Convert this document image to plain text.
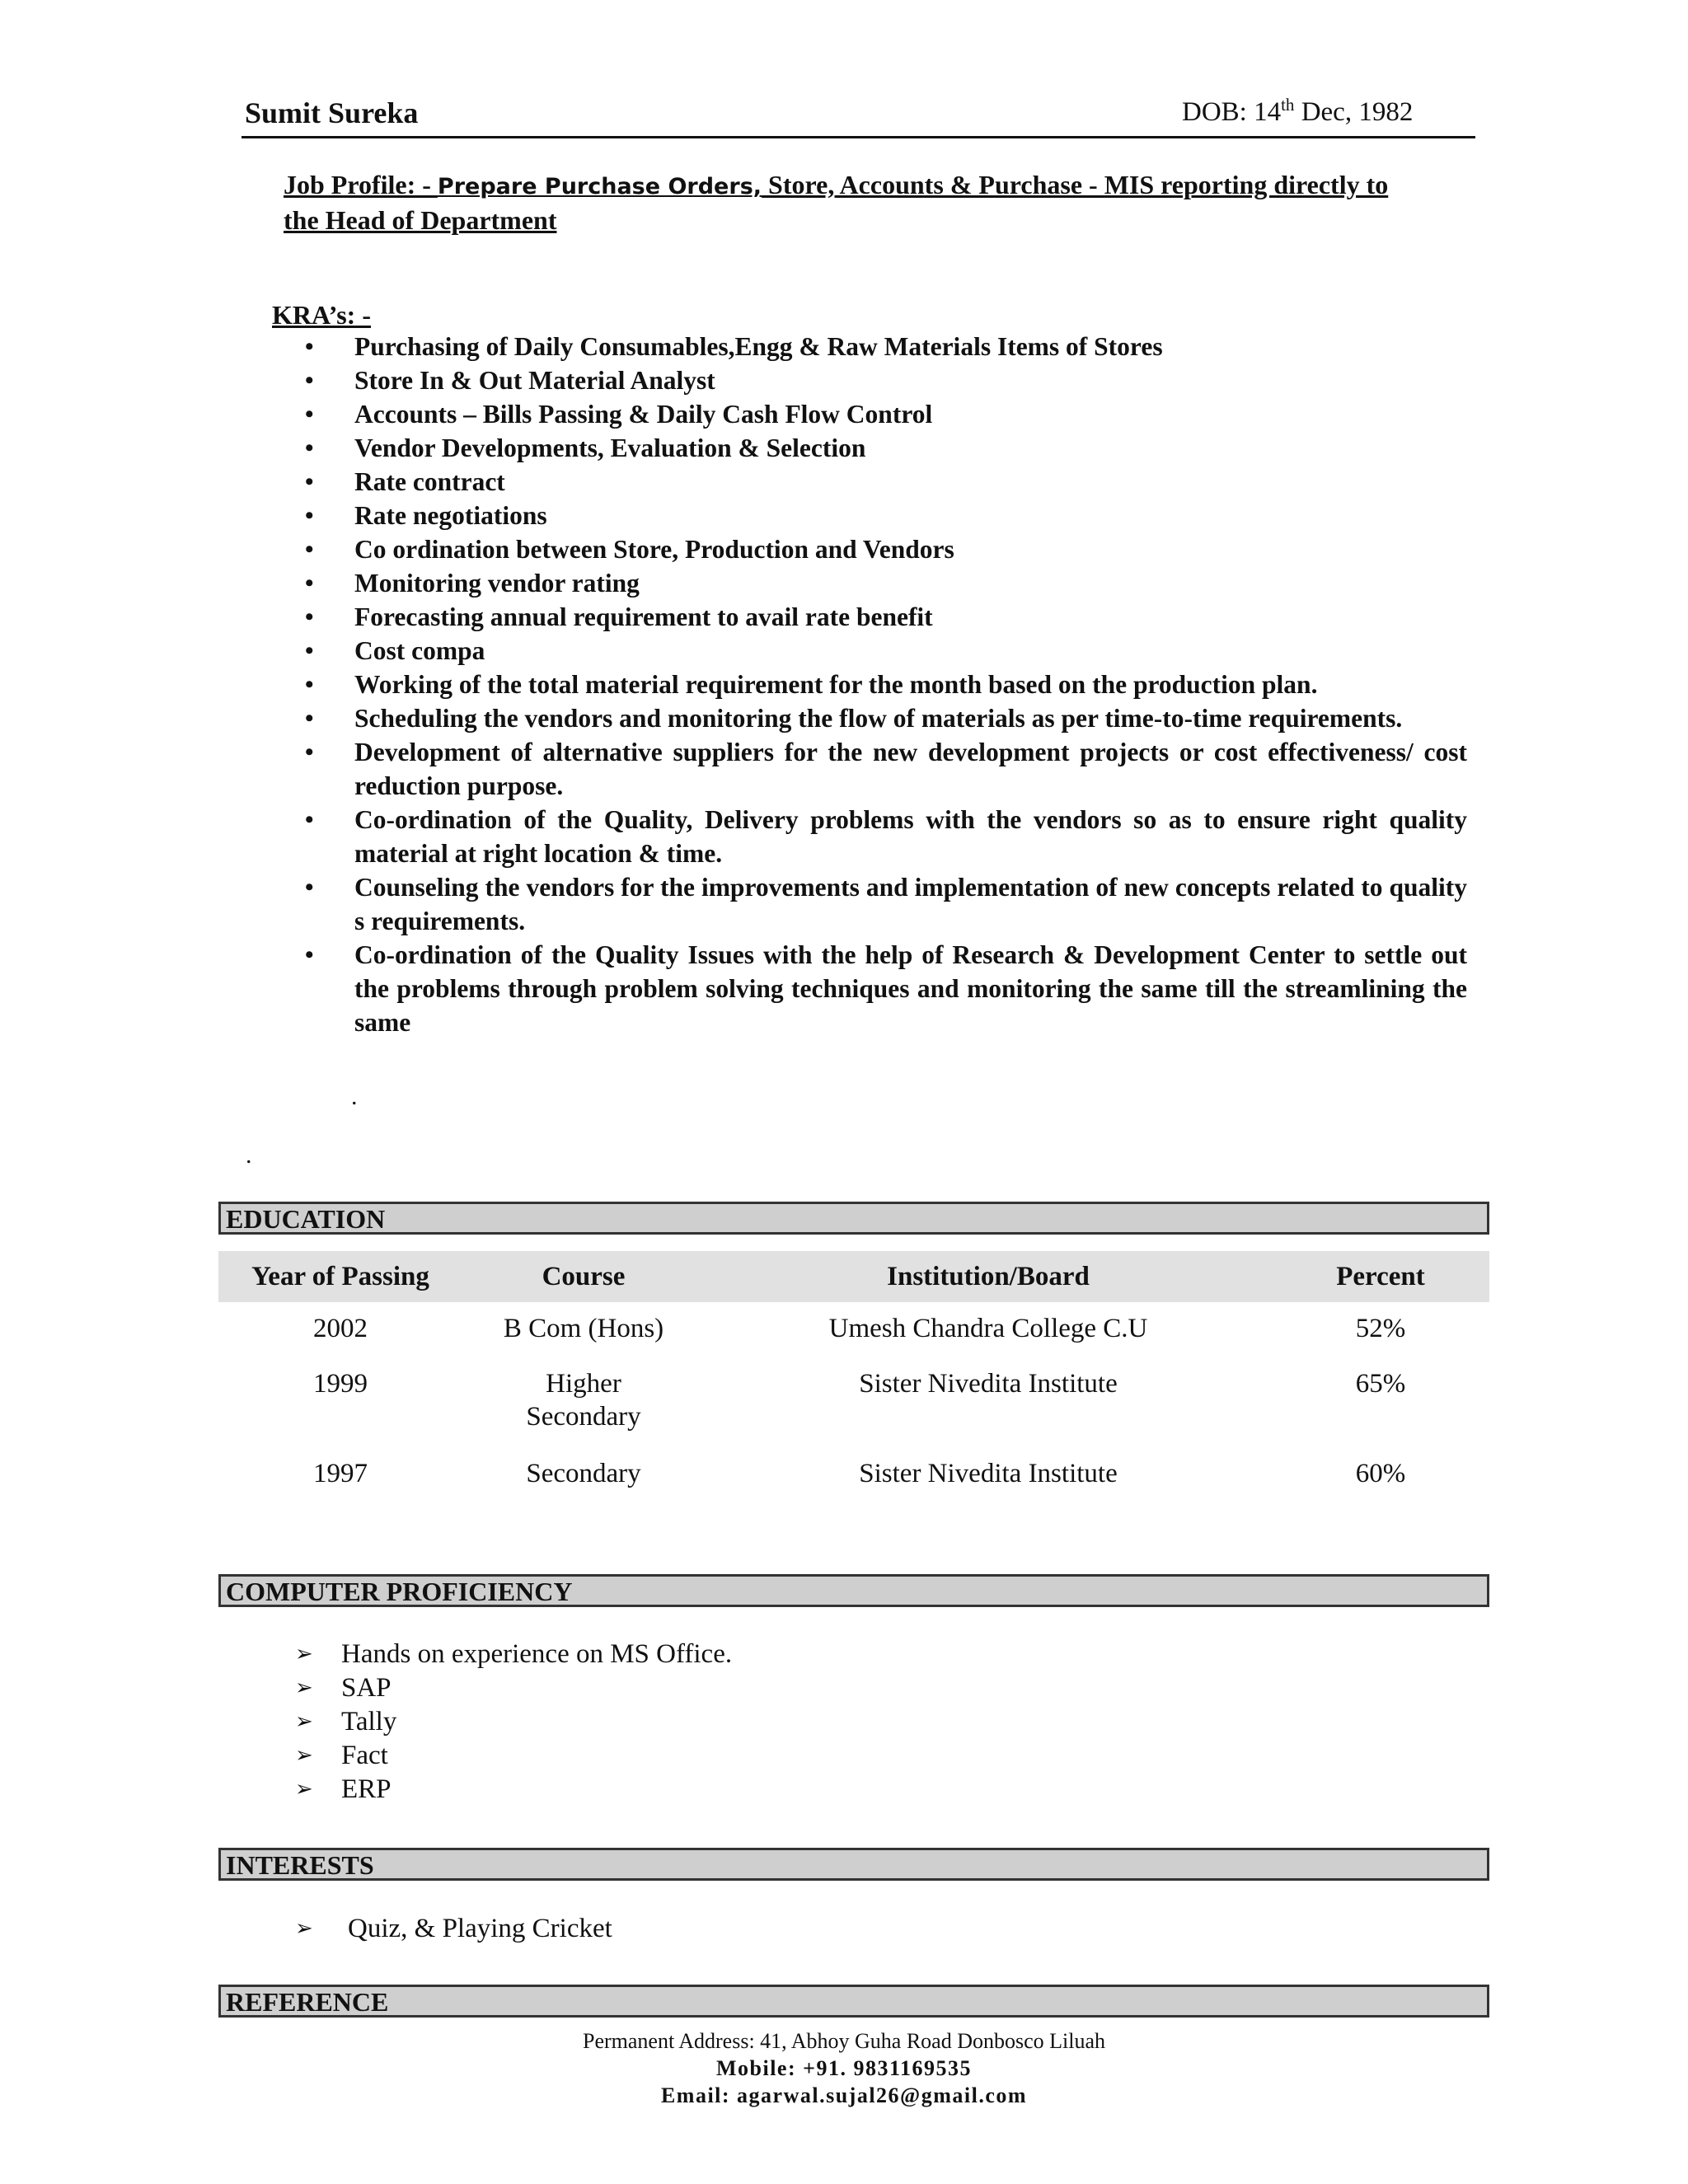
Sumit Sureka	DOB: 14th Dec, 1982
Job Profile: - Prepare Purchase Orders, Store, Accounts & Purchase - MIS reporting directly to
the Head of Department
KRA’s: -
• Purchasing of Daily Consumables,Engg & Raw Materials Items of Stores
• Store In & Out Material Analyst
• Accounts – Bills Passing & Daily Cash Flow Control
• Vendor Developments, Evaluation & Selection
• Rate contract
• Rate negotiations
• Co ordination between Store, Production and Vendors
• Monitoring vendor rating
• Forecasting annual requirement to avail rate benefit
• Cost compa
• Working of the total material requirement for the month based on the production plan.
• Scheduling the vendors and monitoring the flow of materials as per time-to-time requirements.
• Development of alternative suppliers for the new development projects or cost effectiveness/ cost reduction purpose.
• Co-ordination of the Quality, Delivery problems with the vendors so as to ensure right quality material at right location & time.
• Counseling the vendors for the improvements and implementation of new concepts related to quality s requirements.
• Co-ordination of the Quality Issues with the help of Research & Development Center to settle out the problems through problem solving techniques and monitoring the same till the streamlining the same
.
.
EDUCATION
Year of Passing	Course	Institution/Board	Percent
2002	B Com (Hons)	Umesh Chandra College C.U	52%
1999	Higher Secondary	Sister Nivedita Institute	65%
1997	Secondary	Sister Nivedita Institute	60%
COMPUTER PROFICIENCY
➢ Hands on experience on MS Office.
➢ SAP
➢ Tally
➢ Fact
➢ ERP
INTERESTS
➢ Quiz, & Playing Cricket
REFERENCE
Permanent Address: 41, Abhoy Guha Road Donbosco Liluah
Mobile: +91. 9831169535
Email: agarwal.sujal26@gmail.com
